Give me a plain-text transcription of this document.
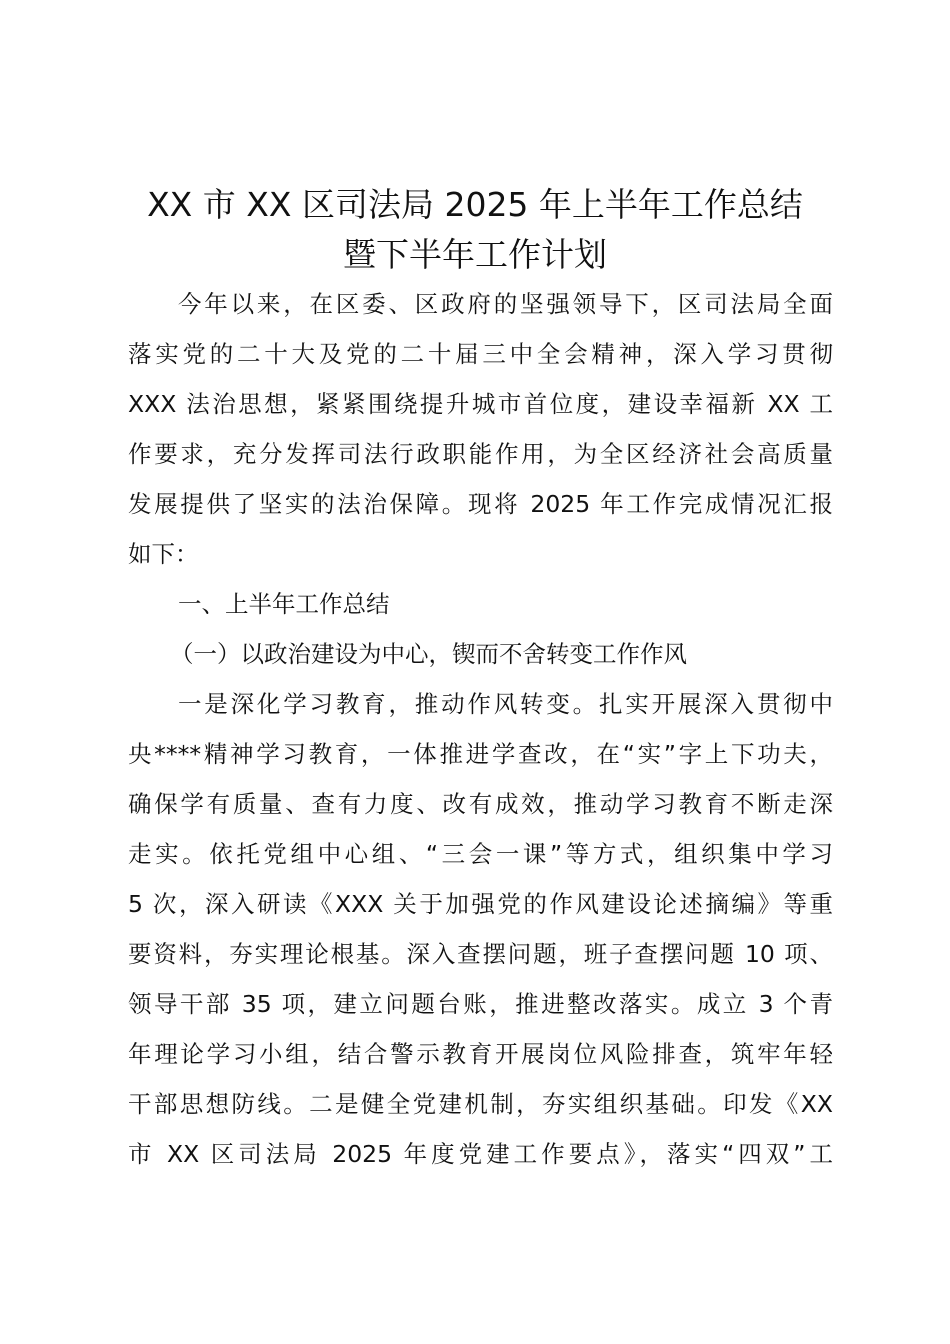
XX 市 XX 区司法局 2025 年上半年工作总结
暨下半年工作计划
今年以来，在区委、区政府的坚强领导下，区司法局全面
落实党的二十大及党的二十届三中全会精神，深入学习贯彻
XXX 法治思想，紧紧围绕提升城市首位度，建设幸福新 XX 工
作要求，充分发挥司法行政职能作用，为全区经济社会高质量
发展提供了坚实的法治保障。现将 2025 年工作完成情况汇报
如下：
一、上半年工作总结
（一）以政治建设为中心，锲而不舍转变工作作风
一是深化学习教育，推动作风转变。扎实开展深入贯彻中
央****精神学习教育，一体推进学查改，在“实”字上下功夫，
确保学有质量、查有力度、改有成效，推动学习教育不断走深
走实。依托党组中心组、“三会一课”等方式，组织集中学习
5 次，深入研读《XXX 关于加强党的作风建设论述摘编》等重
要资料，夯实理论根基。深入查摆问题，班子查摆问题 10 项、
领导干部 35 项，建立问题台账，推进整改落实。成立 3 个青
年理论学习小组，结合警示教育开展岗位风险排查，筑牢年轻
干部思想防线。二是健全党建机制，夯实组织基础。印发《XX
市 XX 区司法局 2025 年度党建工作要点》，落实“四双”工
